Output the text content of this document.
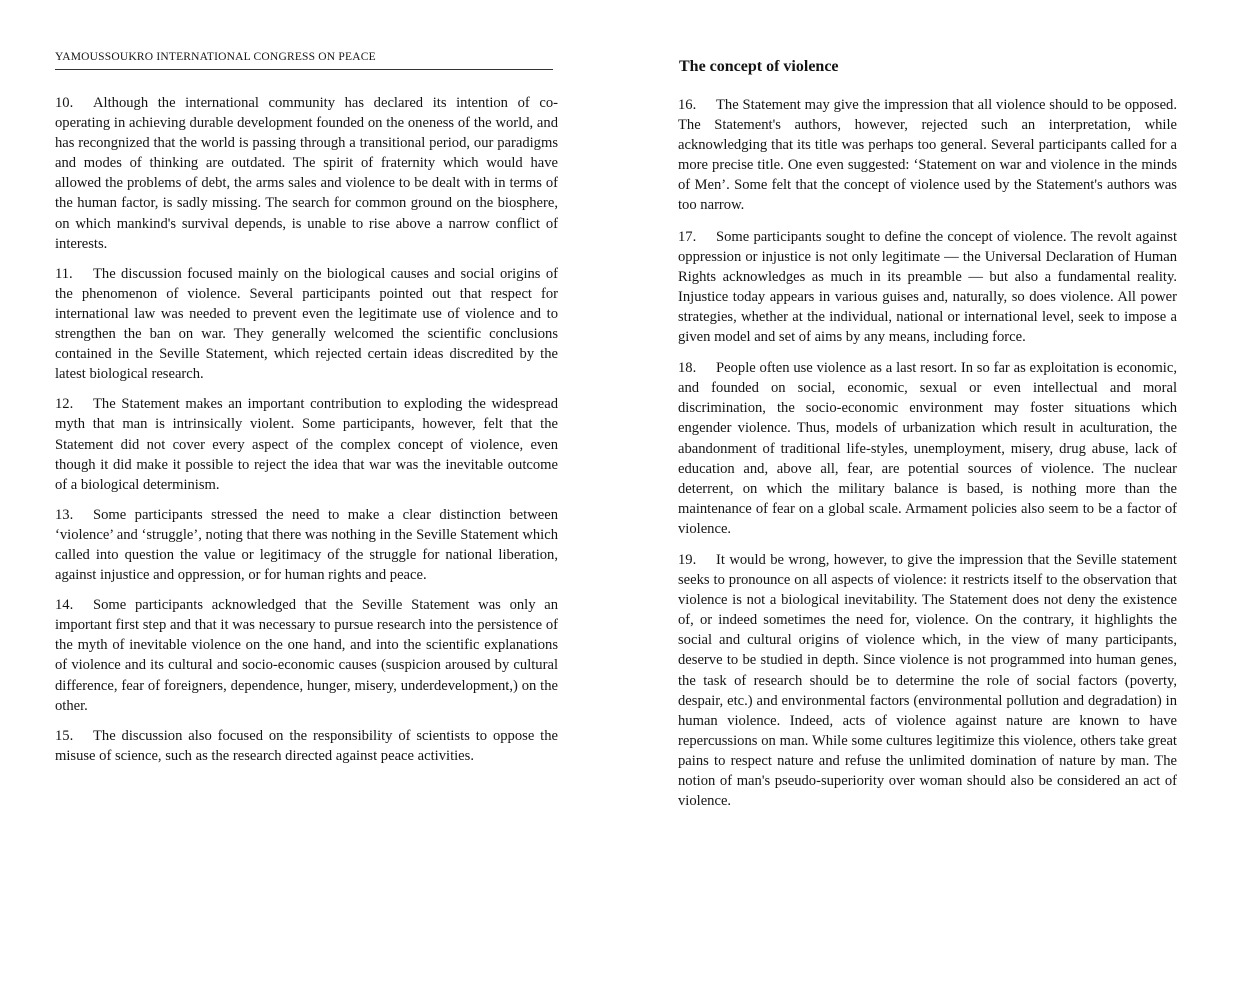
YAMOUSSOUKRO INTERNATIONAL CONGRESS ON PEACE

10. Although the international community has declared its intention of co-operating in achieving durable development founded on the oneness of the world, and has recongnized that the world is passing through a transitional period, our paradigms and modes of thinking are outdated. The spirit of fraternity which would have allowed the problems of debt, the arms sales and violence to be dealt with in terms of the human factor, is sadly missing. The search for common ground on the biosphere, on which mankind's survival depends, is unable to rise above a narrow conflict of interests.

11. The discussion focused mainly on the biological causes and social origins of the phenomenon of violence. Several participants pointed out that respect for international law was needed to prevent even the legitimate use of violence and to strengthen the ban on war. They generally welcomed the scientific conclusions contained in the Seville Statement, which rejected certain ideas discredited by the latest biological research.

12. The Statement makes an important contribution to exploding the widespread myth that man is intrinsically violent. Some participants, however, felt that the Statement did not cover every aspect of the complex concept of violence, even though it did make it possible to reject the idea that war was the inevitable outcome of a biological determinism.

13. Some participants stressed the need to make a clear distinction between ‘violence’ and ‘struggle’, noting that there was nothing in the Seville Statement which called into question the value or legitimacy of the struggle for national liberation, against injustice and oppression, or for human rights and peace.

14. Some participants acknowledged that the Seville Statement was only an important first step and that it was necessary to pursue research into the persistence of the myth of inevitable violence on the one hand, and into the scientific explanations of violence and its cultural and socio-economic causes (suspicion aroused by cultural difference, fear of foreigners, dependence, hunger, misery, underdevelopment,) on the other.

15. The discussion also focused on the responsibility of scientists to oppose the misuse of science, such as the research directed against peace activities.

The concept of violence

16. The Statement may give the impression that all violence should to be opposed. The Statement's authors, however, rejected such an interpretation, while acknowledging that its title was perhaps too general. Several participants called for a more precise title. One even suggested: ‘Statement on war and violence in the minds of Men’. Some felt that the concept of violence used by the Statement's authors was too narrow.

17. Some participants sought to define the concept of violence. The revolt against oppression or injustice is not only legitimate — the Universal Declaration of Human Rights acknowledges as much in its preamble — but also a fundamental reality. Injustice today appears in various guises and, naturally, so does violence. All power strategies, whether at the individual, national or international level, seek to impose a given model and set of aims by any means, including force.

18. People often use violence as a last resort. In so far as exploitation is economic, and founded on social, economic, sexual or even intellectual and moral discrimination, the socio-economic environment may foster situations which engender violence. Thus, models of urbanization which result in aculturation, the abandonment of traditional life-styles, unemployment, misery, drug abuse, lack of education and, above all, fear, are potential sources of violence. The nuclear deterrent, on which the military balance is based, is nothing more than the maintenance of fear on a global scale. Armament policies also seem to be a factor of violence.

19. It would be wrong, however, to give the impression that the Seville statement seeks to pronounce on all aspects of violence: it restricts itself to the observation that violence is not a biological inevitability. The Statement does not deny the existence of, or indeed sometimes the need for, violence. On the contrary, it highlights the social and cultural origins of violence which, in the view of many participants, deserve to be studied in depth. Since violence is not programmed into human genes, the task of research should be to determine the role of social factors (poverty, despair, etc.) and environmental factors (environmental pollution and degradation) in human violence. Indeed, acts of violence against nature are known to have repercussions on man. While some cultures legitimize this violence, others take great pains to respect nature and refuse the unlimited domination of nature by man. The notion of man's pseudo-superiority over woman should also be considered an act of violence.
